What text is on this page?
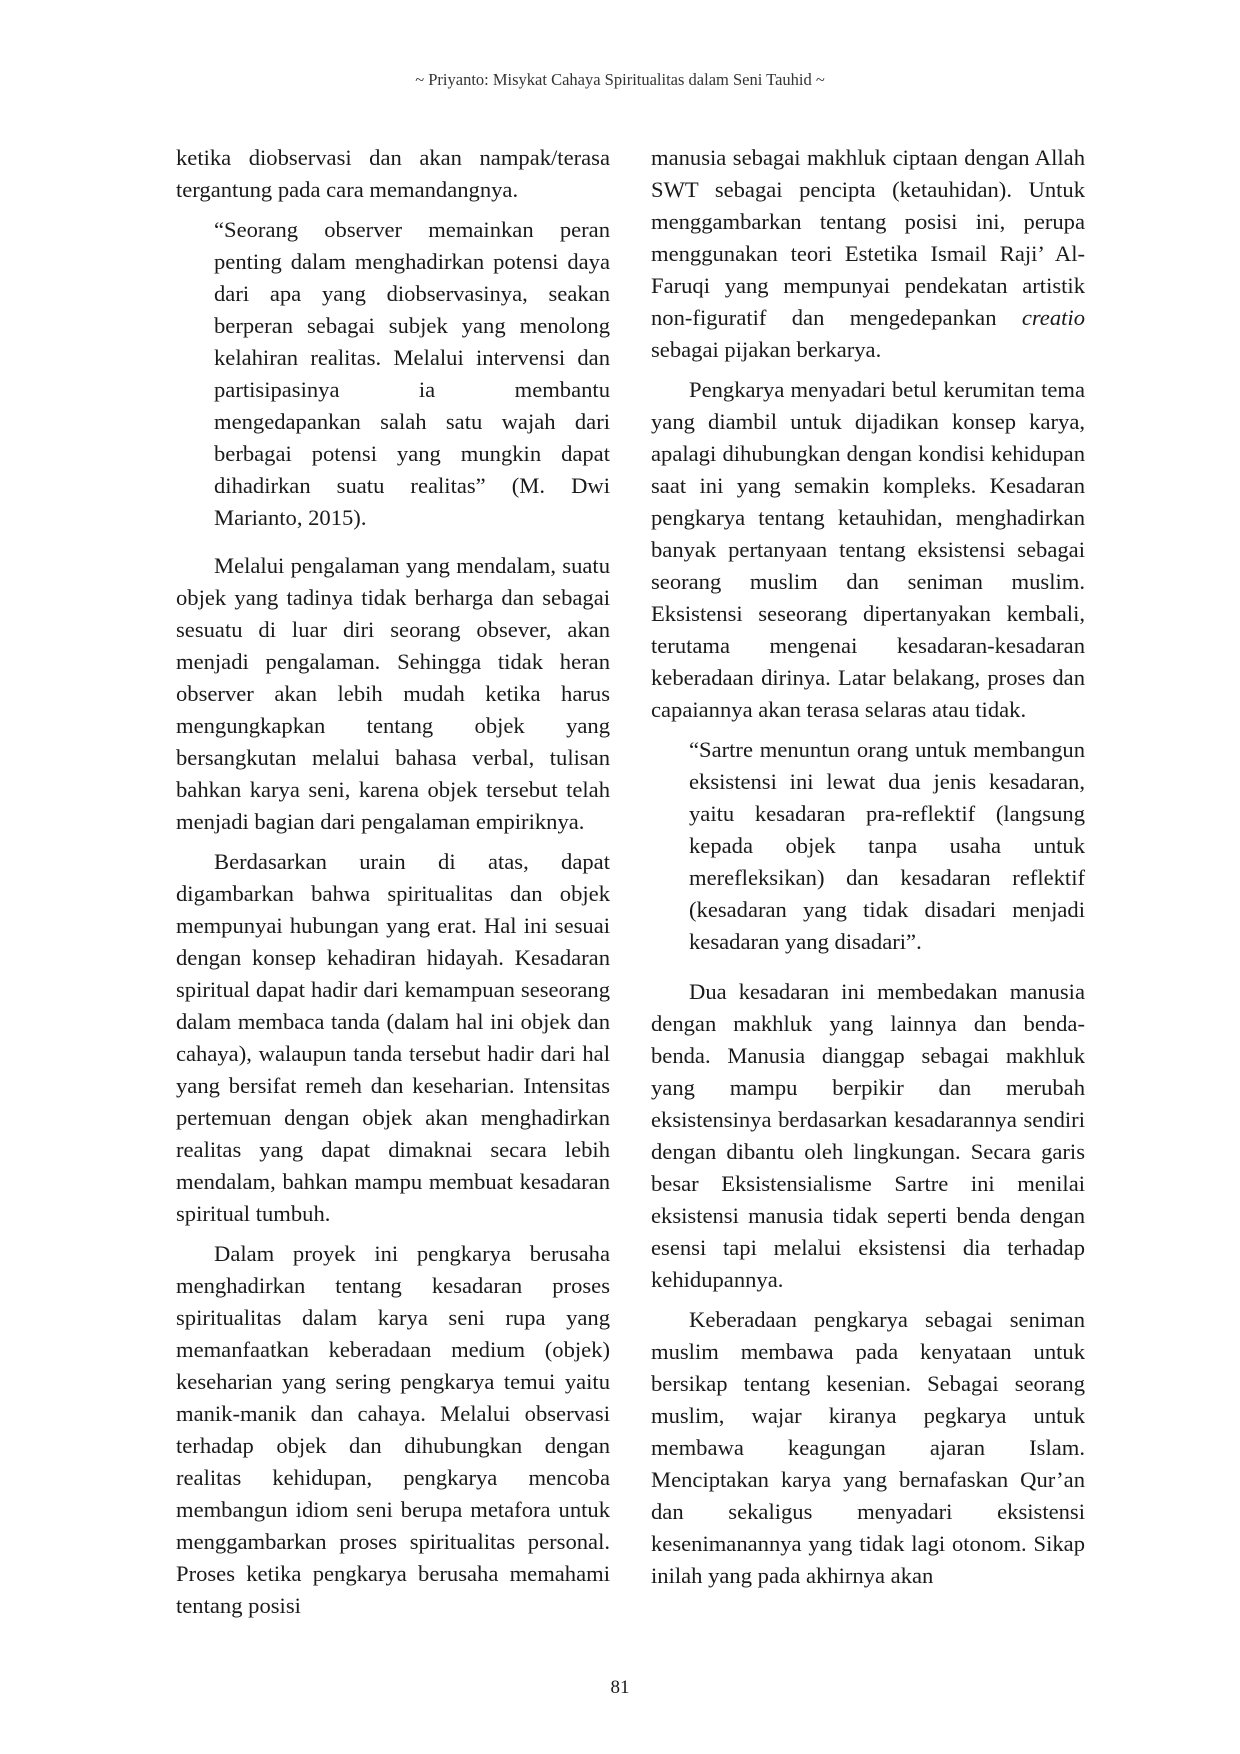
~ Priyanto: Misykat Cahaya Spiritualitas dalam Seni Tauhid ~

ketika diobservasi dan akan nampak/terasa tergantung pada cara memandangnya.

“Seorang observer memainkan peran penting dalam menghadirkan potensi daya dari apa yang diobservasinya, seakan berperan sebagai subjek yang menolong kelahiran realitas. Melalui intervensi dan partisipasinya ia membantu mengedapankan salah satu wajah dari berbagai potensi yang mungkin dapat dihadirkan suatu realitas” (M. Dwi Marianto, 2015).

Melalui pengalaman yang mendalam, suatu objek yang tadinya tidak berharga dan sebagai sesuatu di luar diri seorang obsever, akan menjadi pengalaman. Sehingga tidak heran observer akan lebih mudah ketika harus mengungkapkan tentang objek yang bersangkutan melalui bahasa verbal, tulisan bahkan karya seni, karena objek tersebut telah menjadi bagian dari pengalaman empiriknya.

Berdasarkan urain di atas, dapat digambarkan bahwa spiritualitas dan objek mempunyai hubungan yang erat. Hal ini sesuai dengan konsep kehadiran hidayah. Kesadaran spiritual dapat hadir dari kemampuan seseorang dalam membaca tanda (dalam hal ini objek dan cahaya), walaupun tanda tersebut hadir dari hal yang bersifat remeh dan keseharian. Intensitas pertemuan dengan objek akan menghadirkan realitas yang dapat dimaknai secara lebih mendalam, bahkan mampu membuat kesadaran spiritual tumbuh.

Dalam proyek ini pengkarya berusaha menghadirkan tentang kesadaran proses spiritualitas dalam karya seni rupa yang memanfaatkan keberadaan medium (objek) keseharian yang sering pengkarya temui yaitu manik-manik dan cahaya. Melalui observasi terhadap objek dan dihubungkan dengan realitas kehidupan, pengkarya mencoba membangun idiom seni berupa metafora untuk menggambarkan proses spiritualitas personal. Proses ketika pengkarya berusaha memahami tentang posisi

manusia sebagai makhluk ciptaan dengan Allah SWT sebagai pencipta (ketauhidan). Untuk menggambarkan tentang posisi ini, perupa menggunakan teori Estetika Ismail Raji’ Al-Faruqi yang mempunyai pendekatan artistik non-figuratif dan mengedepankan creatio sebagai pijakan berkarya.

Pengkarya menyadari betul kerumitan tema yang diambil untuk dijadikan konsep karya, apalagi dihubungkan dengan kondisi kehidupan saat ini yang semakin kompleks. Kesadaran pengkarya tentang ketauhidan, menghadirkan banyak pertanyaan tentang eksistensi sebagai seorang muslim dan seniman muslim. Eksistensi seseorang dipertanyakan kembali, terutama mengenai kesadaran-kesadaran keberadaan dirinya. Latar belakang, proses dan capaiannya akan terasa selaras atau tidak.

“Sartre menuntun orang untuk membangun eksistensi ini lewat dua jenis kesadaran, yaitu kesadaran pra-reflektif (langsung kepada objek tanpa usaha untuk merefleksikan) dan kesadaran reflektif (kesadaran yang tidak disadari menjadi kesadaran yang disadari”.

Dua kesadaran ini membedakan manusia dengan makhluk yang lainnya dan benda-benda. Manusia dianggap sebagai makhluk yang mampu berpikir dan merubah eksistensinya berdasarkan kesadarannya sendiri dengan dibantu oleh lingkungan. Secara garis besar Eksistensialisme Sartre ini menilai eksistensi manusia tidak seperti benda dengan esensi tapi melalui eksistensi dia terhadap kehidupannya.

Keberadaan pengkarya sebagai seniman muslim membawa pada kenyataan untuk bersikap tentang kesenian. Sebagai seorang muslim, wajar kiranya pegkarya untuk membawa keagungan ajaran Islam. Menciptakan karya yang bernafaskan Qur’an dan sekaligus menyadari eksistensi kesenimanannya yang tidak lagi otonom. Sikap inilah yang pada akhirnya akan

81
